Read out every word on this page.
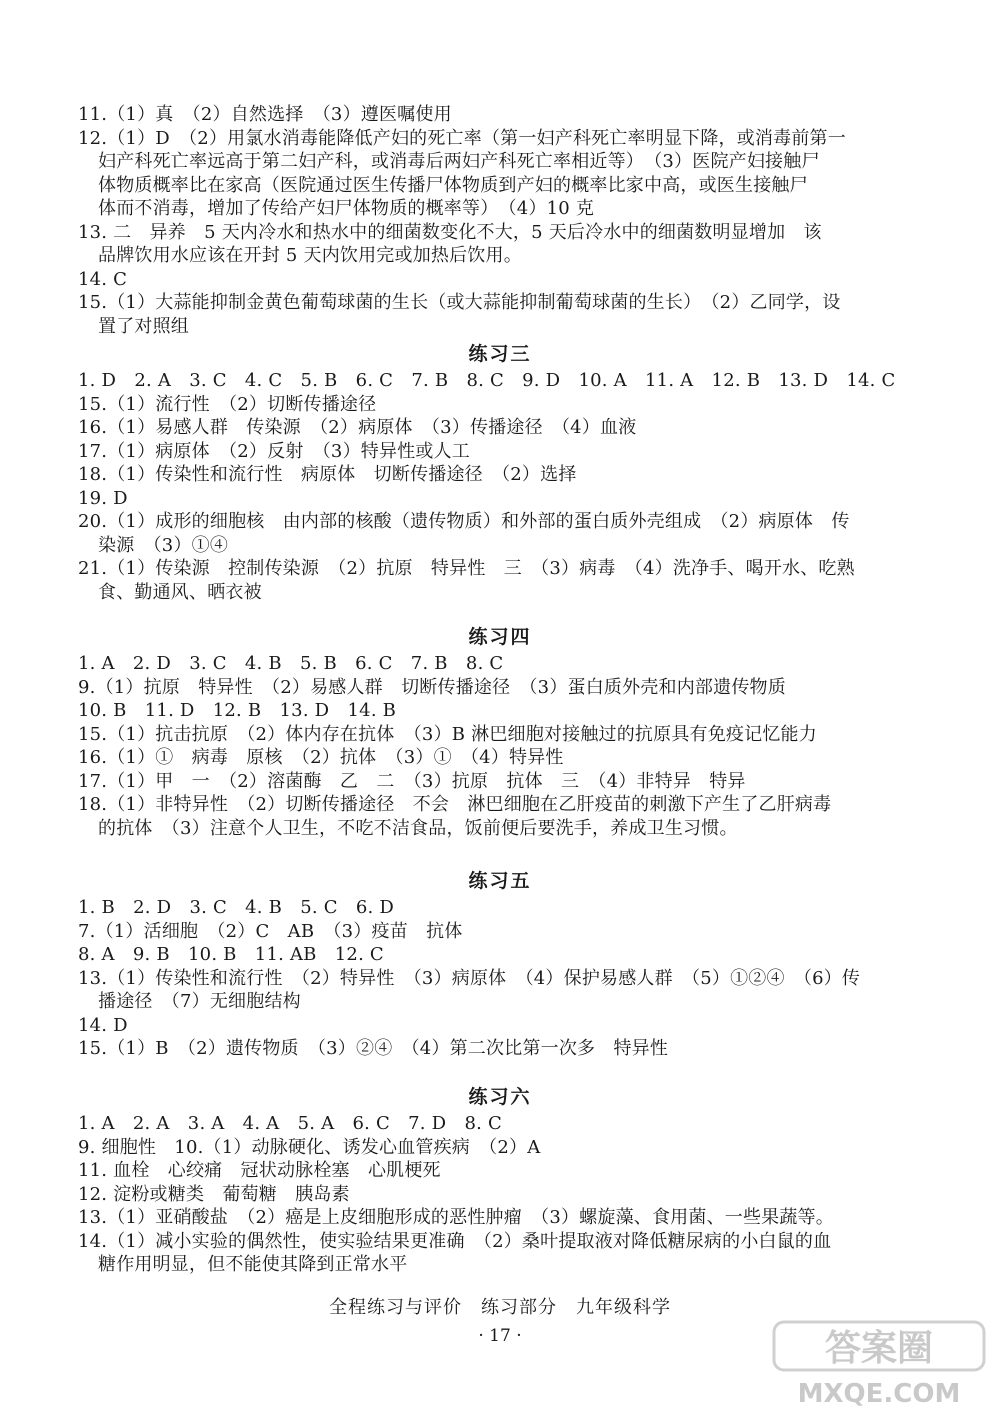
11.（1）真　（2）自然选择　（3）遵医嘱使用
12.（1）D　（2）用氯水消毒能降低产妇的死亡率（第一妇产科死亡率明显下降，或消毒前第一
妇产科死亡率远高于第二妇产科，或消毒后两妇产科死亡率相近等）　（3）医院产妇接触尸
体物质概率比在家高（医院通过医生传播尸体物质到产妇的概率比家中高，或医生接触尸
体而不消毒，增加了传给产妇尸体物质的概率等）　（4）10 克
13. 二　异养　5 天内冷水和热水中的细菌数变化不大，5 天后冷水中的细菌数明显增加　该
品牌饮用水应该在开封 5 天内饮用完或加热后饮用。
14. C
15.（1）大蒜能抑制金黄色葡萄球菌的生长（或大蒜能抑制葡萄球菌的生长）　（2）乙同学，设
置了对照组
练习三
1. D　2. A　3. C　4. C　5. B　6. C　7. B　8. C　9. D　10. A　11. A　12. B　13. D　14. C
15.（1）流行性　（2）切断传播途径
16.（1）易感人群　传染源　（2）病原体　（3）传播途径　（4）血液
17.（1）病原体　（2）反射　（3）特异性或人工
18.（1）传染性和流行性　病原体　切断传播途径　（2）选择
19. D
20.（1）成形的细胞核　由内部的核酸（遗传物质）和外部的蛋白质外壳组成　（2）病原体　传
染源　（3）①④
21.（1）传染源　控制传染源　（2）抗原　特异性　三　（3）病毒　（4）洗净手、喝开水、吃熟
食、勤通风、晒衣被
练习四
1. A　2. D　3. C　4. B　5. B　6. C　7. B　8. C
9.（1）抗原　特异性　（2）易感人群　切断传播途径　（3）蛋白质外壳和内部遗传物质
10. B　11. D　12. B　13. D　14. B
15.（1）抗击抗原　（2）体内存在抗体　（3）B 淋巴细胞对接触过的抗原具有免疫记忆能力
16.（1）①　病毒　原核　（2）抗体　（3）①　（4）特异性
17.（1）甲　一　（2）溶菌酶　乙　二　（3）抗原　抗体　三　（4）非特异　特异
18.（1）非特异性　（2）切断传播途径　不会　淋巴细胞在乙肝疫苗的刺激下产生了乙肝病毒
的抗体　（3）注意个人卫生，不吃不洁食品，饭前便后要洗手，养成卫生习惯。
练习五
1. B　2. D　3. C　4. B　5. C　6. D
7.（1）活细胞　（2）C　AB　（3）疫苗　抗体
8. A　9. B　10. B　11. AB　12. C
13.（1）传染性和流行性　（2）特异性　（3）病原体　（4）保护易感人群　（5）①②④　（6）传
播途径　（7）无细胞结构
14. D
15.（1）B　（2）遗传物质　（3）②④　（4）第二次比第一次多　特异性
练习六
1. A　2. A　3. A　4. A　5. A　6. C　7. D　8. C
9. 细胞性　10.（1）动脉硬化、诱发心血管疾病　（2）A
11. 血栓　心绞痛　冠状动脉栓塞　心肌梗死
12. 淀粉或糖类　葡萄糖　胰岛素
13.（1）亚硝酸盐　（2）癌是上皮细胞形成的恶性肿瘤　（3）螺旋藻、食用菌、一些果蔬等。
14.（1）减小实验的偶然性，使实验结果更准确　（2）桑叶提取液对降低糖尿病的小白鼠的血
糖作用明显，但不能使其降到正常水平
全程练习与评价　练习部分　九年级科学
· 17 ·	答案圈
MXQE.COM
